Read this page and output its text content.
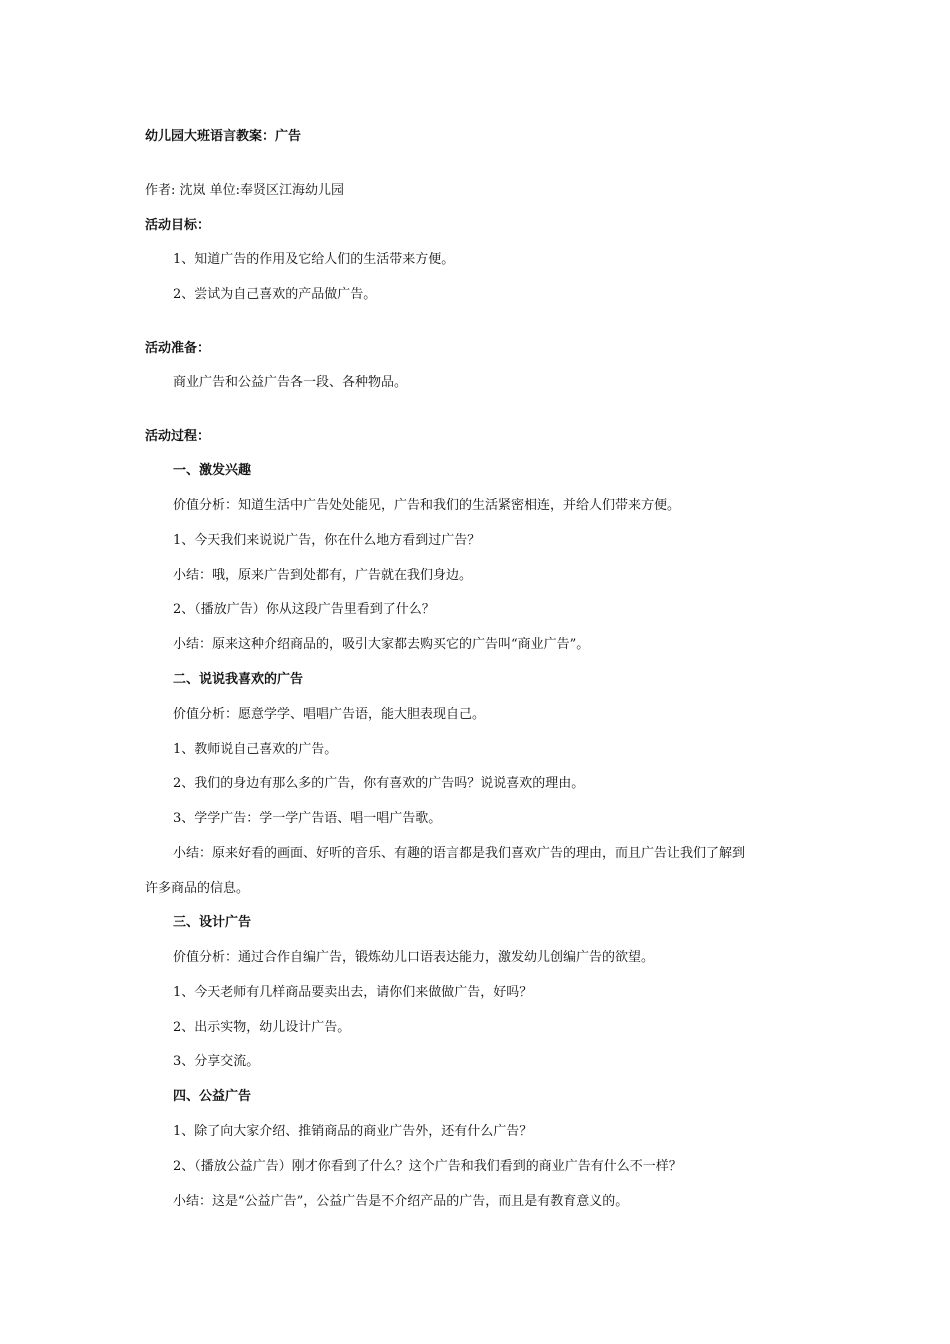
幼儿园大班语言教案：广告
作者: 沈岚 单位:奉贤区江海幼儿园
活动目标：
1、知道广告的作用及它给人们的生活带来方便。
2、尝试为自己喜欢的产品做广告。
活动准备：
商业广告和公益广告各一段、各种物品。
活动过程：
一、激发兴趣
价值分析：知道生活中广告处处能见，广告和我们的生活紧密相连，并给人们带来方便。
1、今天我们来说说广告，你在什么地方看到过广告？
小结：哦，原来广告到处都有，广告就在我们身边。
2、（播放广告）你从这段广告里看到了什么？
小结：原来这种介绍商品的，吸引大家都去购买它的广告叫“商业广告”。
二、说说我喜欢的广告
价值分析：愿意学学、唱唱广告语，能大胆表现自己。
1、教师说自己喜欢的广告。
2、我们的身边有那么多的广告，你有喜欢的广告吗？说说喜欢的理由。
3、学学广告：学一学广告语、唱一唱广告歌。
小结：原来好看的画面、好听的音乐、有趣的语言都是我们喜欢广告的理由，而且广告让我们了解到
许多商品的信息。
三、设计广告
价值分析：通过合作自编广告，锻炼幼儿口语表达能力，激发幼儿创编广告的欲望。
1、今天老师有几样商品要卖出去，请你们来做做广告，好吗？
2、出示实物，幼儿设计广告。
3、分享交流。
四、公益广告
1、除了向大家介绍、推销商品的商业广告外，还有什么广告？
2、（播放公益广告）刚才你看到了什么？这个广告和我们看到的商业广告有什么不一样？
小结：这是“公益广告”，公益广告是不介绍产品的广告，而且是有教育意义的。
